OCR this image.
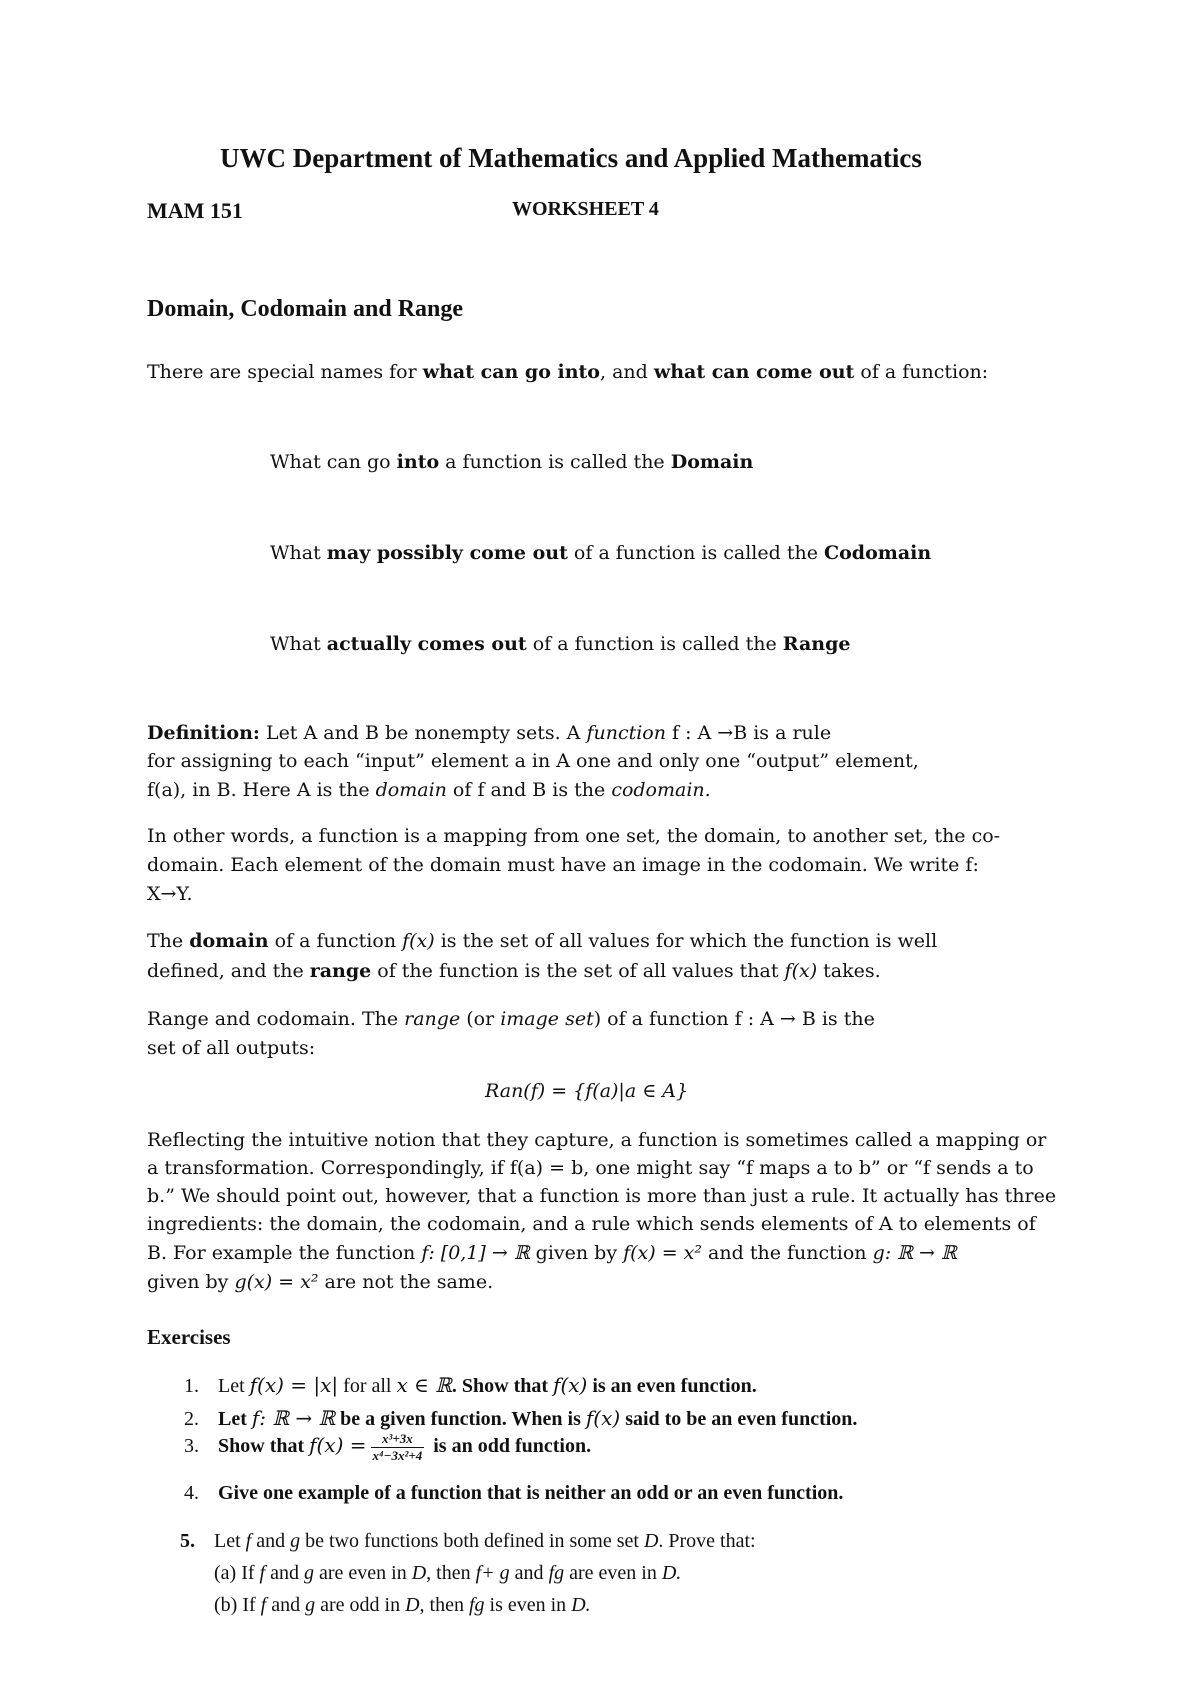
UWC Department of Mathematics and Applied Mathematics
MAM 151	WORKSHEET 4
Domain, Codomain and Range
There are special names for what can go into, and what can come out of a function:
What can go into a function is called the Domain
What may possibly come out of a function is called the Codomain
What actually comes out of a function is called the Range
Definition: Let A and B be nonempty sets. A function f : A →B is a rule
for assigning to each “input” element a in A one and only one “output” element,
f(a), in B. Here A is the domain of f and B is the codomain.
In other words, a function is a mapping from one set, the domain, to another set, the co-
domain. Each element of the domain must have an image in the codomain. We write f:
X→Y.
The domain of a function f(x) is the set of all values for which the function is well
defined, and the range of the function is the set of all values that f(x) takes.
Range and codomain. The range (or image set) of a function f : A → B is the
set of all outputs:
Ran(f) = {f(a)|a ∈ A}
Reflecting the intuitive notion that they capture, a function is sometimes called a mapping or
a transformation. Correspondingly, if f(a) = b, one might say “f maps a to b” or “f sends a to
b.” We should point out, however, that a function is more than just a rule. It actually has three
ingredients: the domain, the codomain, and a rule which sends elements of A to elements of
B. For example the function f: [0,1] → ℝ given by f(x) = x² and the function g: ℝ → ℝ
given by g(x) = x² are not the same.
Exercises
1. Let f(x) = |x| for all x ∈ ℝ. Show that f(x) is an even function.
2. Let f: ℝ → ℝ be a given function. When is f(x) said to be an even function.
3. Show that $f(x) = \frac{\text{x³+3x}}{\text{x⁴−3x²+4}}$ is an odd function.
4. Give one example of a function that is neither an odd or an even function.
5. Let f and g be two functions both defined in some set D. Prove that:
(a) If f and g are even in D, then f+ g and fg are even in D.
(b) If f and g are odd in D, then fg is even in D.
